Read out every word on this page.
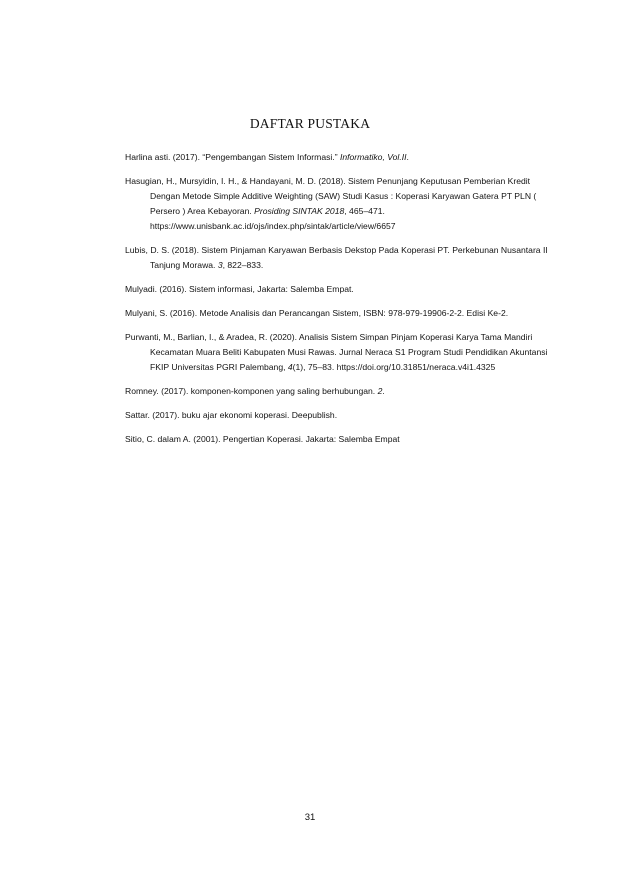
DAFTAR PUSTAKA

Harlina asti. (2017). “Pengembangan Sistem Informasi.” Informatiko, Vol.II.

Hasugian, H., Mursyidin, I. H., & Handayani, M. D. (2018). Sistem Penunjang Keputusan Pemberian Kredit Dengan Metode Simple Additive Weighting (SAW) Studi Kasus : Koperasi Karyawan Gatera PT PLN ( Persero ) Area Kebayoran. Prosiding SINTAK 2018, 465–471. https://www.unisbank.ac.id/ojs/index.php/sintak/article/view/6657

Lubis, D. S. (2018). Sistem Pinjaman Karyawan Berbasis Dekstop Pada Koperasi PT. Perkebunan Nusantara II Tanjung Morawa. 3, 822–833.

Mulyadi. (2016). Sistem informasi, Jakarta: Salemba Empat.

Mulyani, S. (2016). Metode Analisis dan Perancangan Sistem, ISBN: 978-979-19906-2-2. Edisi Ke-2.

Purwanti, M., Barlian, I., & Aradea, R. (2020). Analisis Sistem Simpan Pinjam Koperasi Karya Tama Mandiri Kecamatan Muara Beliti Kabupaten Musi Rawas. Jurnal Neraca S1 Program Studi Pendidikan Akuntansi FKIP Universitas PGRI Palembang, 4(1), 75–83. https://doi.org/10.31851/neraca.v4i1.4325

Romney. (2017). komponen-komponen yang saling berhubungan. 2.

Sattar. (2017). buku ajar ekonomi koperasi. Deepublish.

Sitio, C. dalam A. (2001). Pengertian Koperasi. Jakarta: Salemba Empat

31
